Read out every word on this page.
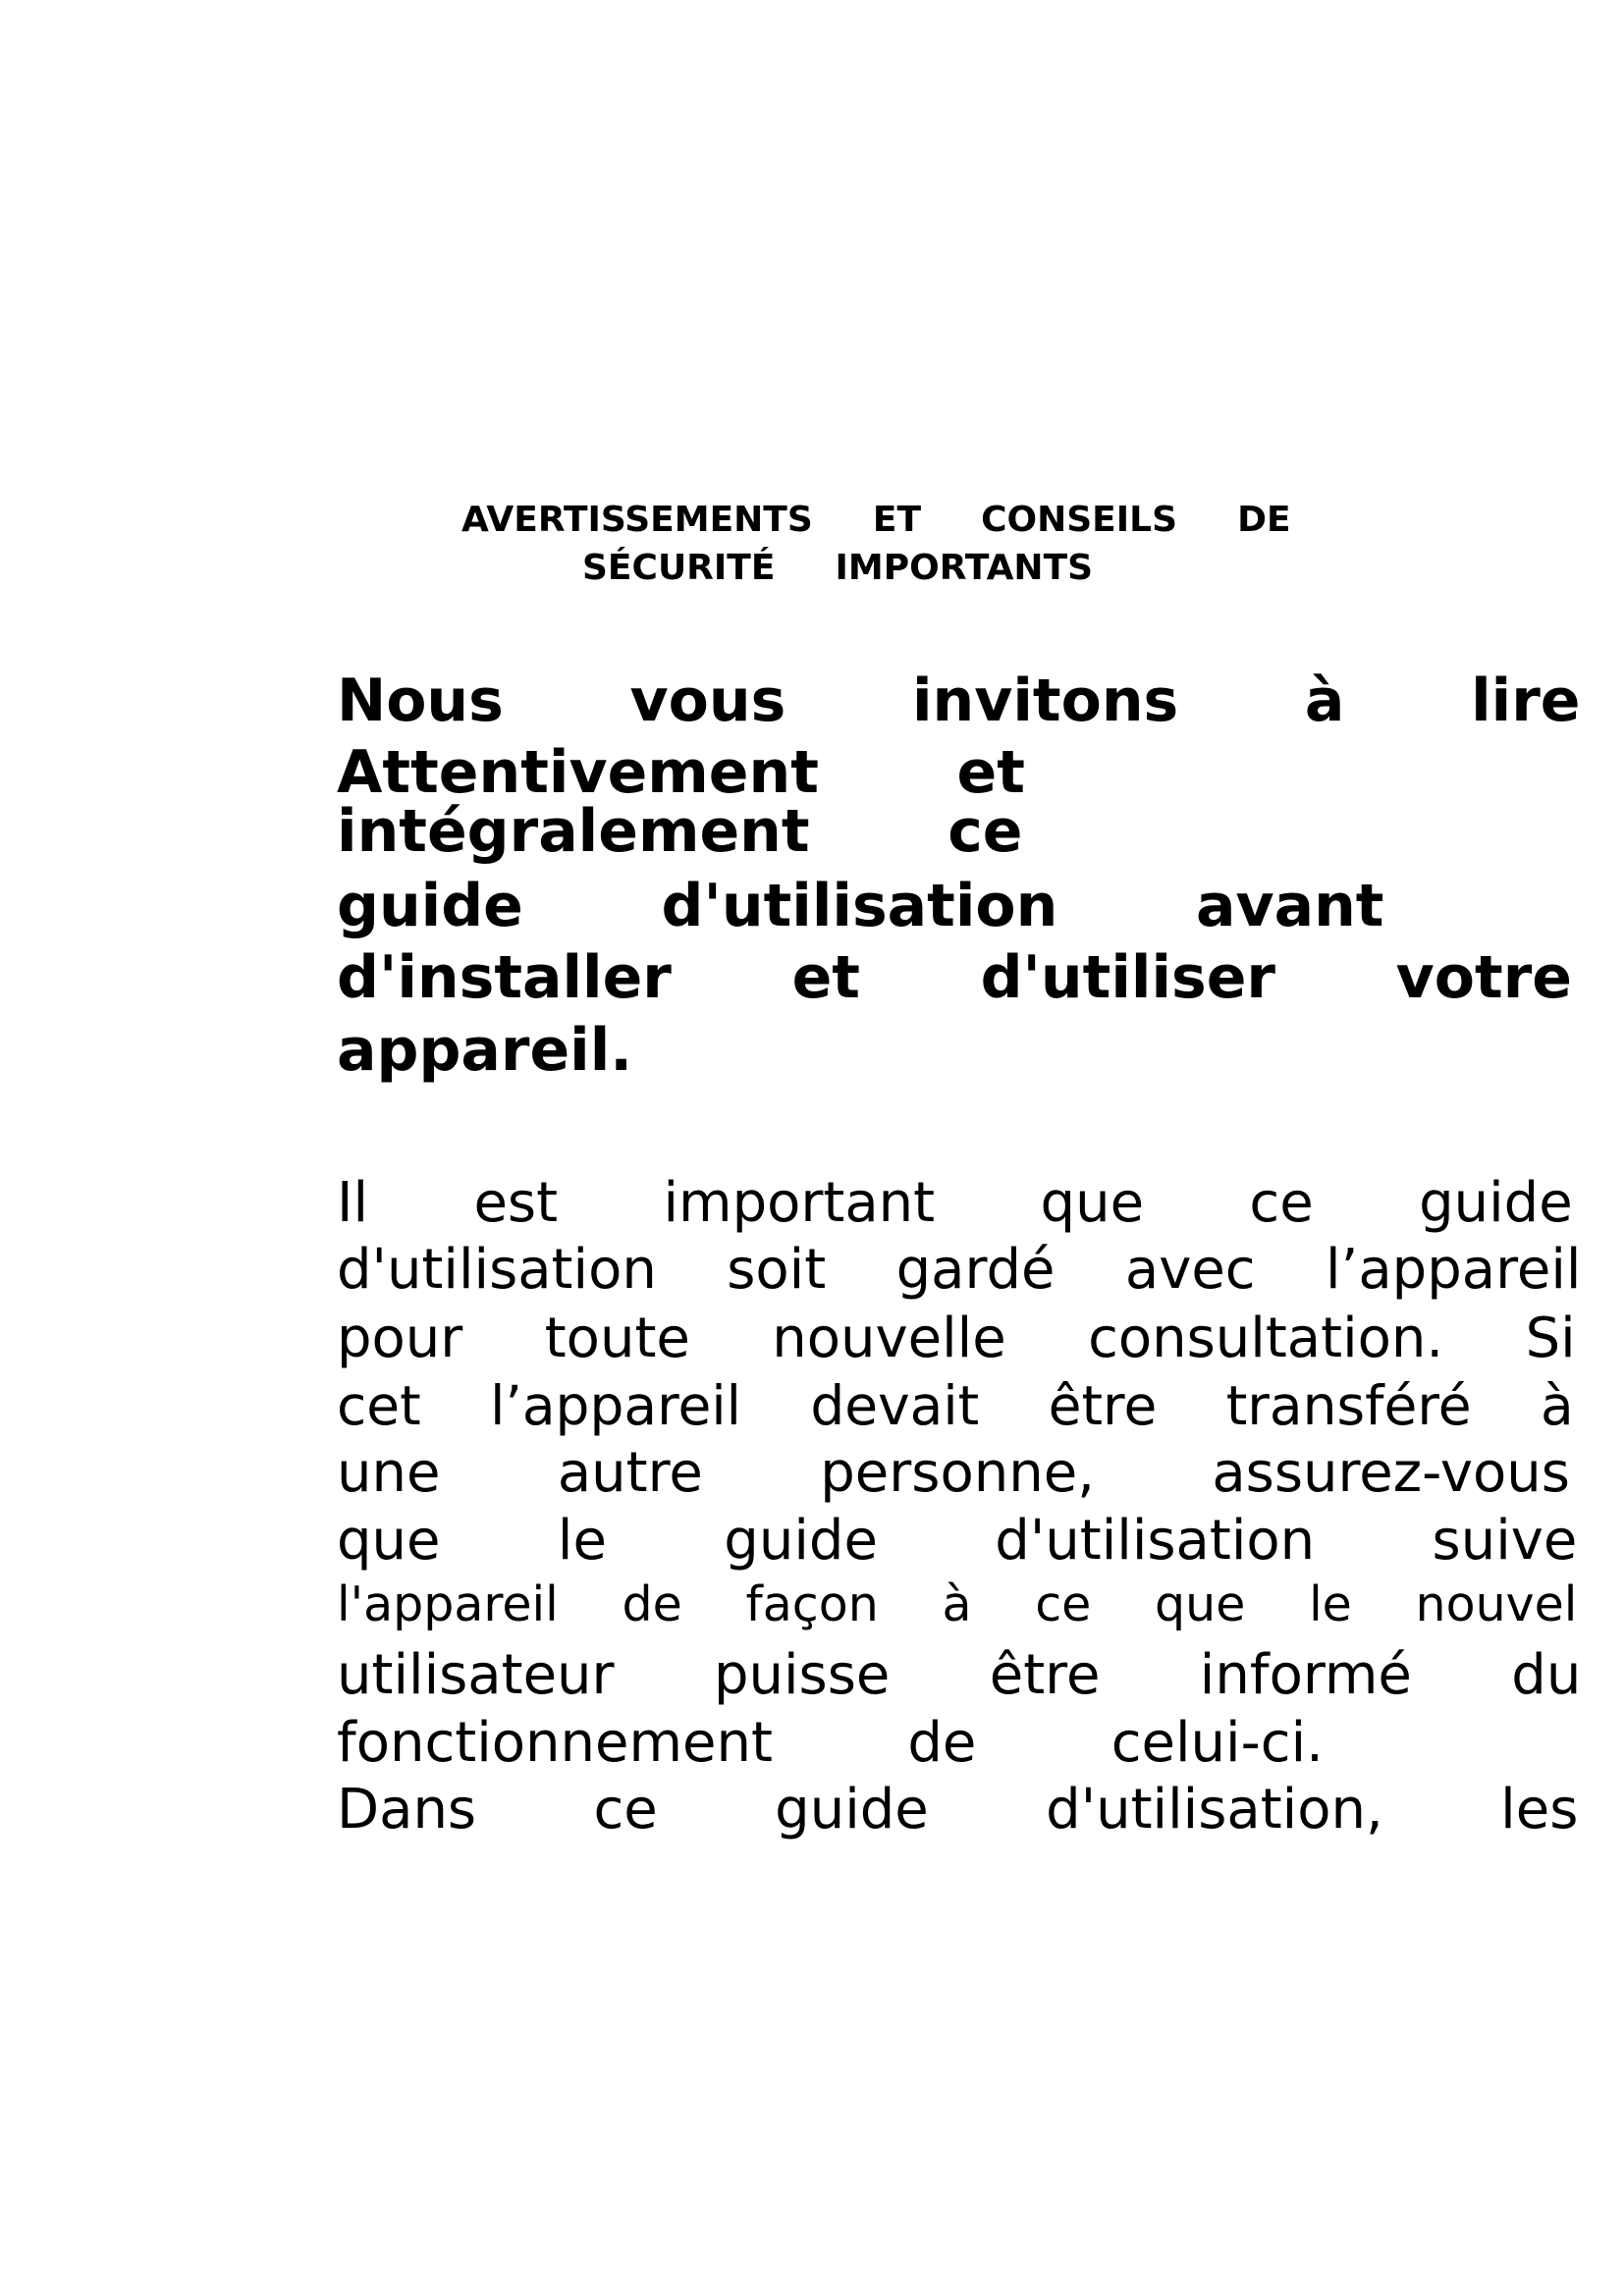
AVERTISSEMENTS  ET  CONSEILS  DE
SÉCURITÉ  IMPORTANTS
Nous   vous   invitons   à   lire
Attentivement   et
intégralement   ce
guide   d'utilisation   avant
d'installer   et   d'utiliser   votre
appareil.
Il   est   important   que   ce   guide
d'utilisation   soit   gardé   avec   l’appareil
pour   toute   nouvelle   consultation.   Si
cet   l’appareil   devait   être   transféré   à
une   autre   personne,   assurez-vous
que   le   guide   d'utilisation   suive
l'appareil   de   façon   à   ce   que   le   nouvel
utilisateur   puisse   être   informé   du
fonctionnement   de   celui-ci.
Dans   ce   guide   d'utilisation,   les
